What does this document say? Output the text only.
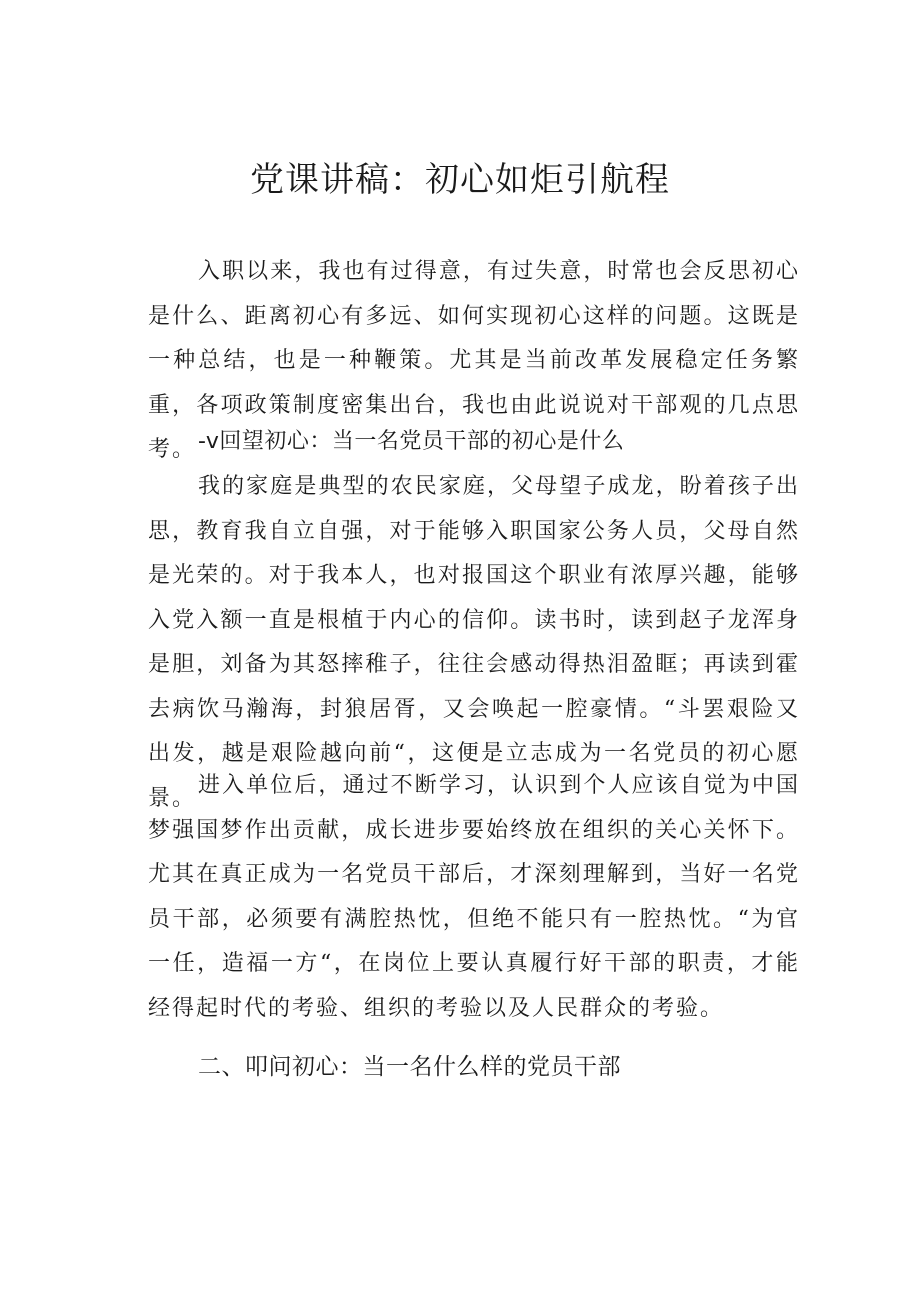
党课讲稿：初心如炬引航程

入职以来，我也有过得意，有过失意，时常也会反思初心是什么、距离初心有多远、如何实现初心这样的问题。这既是一种总结，也是一种鞭策。尤其是当前改革发展稳定任务繁重，各项政策制度密集出台，我也由此说说对干部观的几点思考。 -v回望初心：当一名党员干部的初心是什么

我的家庭是典型的农民家庭，父母望子成龙，盼着孩子出思，教育我自立自强，对于能够入职国家公务人员，父母自然是光荣的。对于我本人，也对报国这个职业有浓厚兴趣，能够入党入额一直是根植于内心的信仰。读书时，读到赵子龙浑身是胆，刘备为其怒摔稚子，往往会感动得热泪盈眶；再读到霍去病饮马瀚海，封狼居胥，又会唤起一腔豪情。“斗罢艰险又出发，越是艰险越向前“，这便是立志成为一名党员的初心愿景。 进入单位后，通过不断学习，认识到个人应该自觉为中国梦强国梦作出贡献，成长进步要始终放在组织的关心关怀下。尤其在真正成为一名党员干部后，才深刻理解到，当好一名党员干部，必须要有满腔热忱，但绝不能只有一腔热忱。“为官一任，造福一方“，在岗位上要认真履行好干部的职责，才能经得起时代的考验、组织的考验以及人民群众的考验。

二、叩问初心：当一名什么样的党员干部
